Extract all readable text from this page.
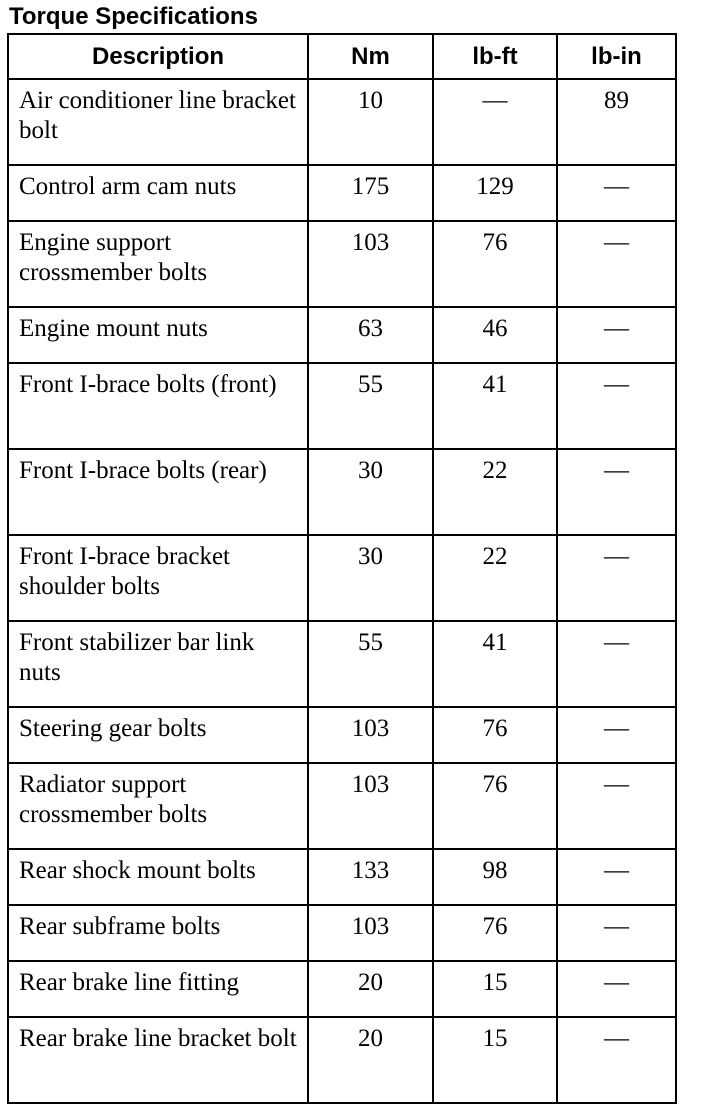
Torque Specifications
Description	Nm	lb-ft	lb-in
Air conditioner line bracket bolt	10	—	89
Control arm cam nuts	175	129	—
Engine support crossmember bolts	103	76	—
Engine mount nuts	63	46	—
Front I-brace bolts (front)	55	41	—
Front I-brace bolts (rear)	30	22	—
Front I-brace bracket shoulder bolts	30	22	—
Front stabilizer bar link nuts	55	41	—
Steering gear bolts	103	76	—
Radiator support crossmember bolts	103	76	—
Rear shock mount bolts	133	98	—
Rear subframe bolts	103	76	—
Rear brake line fitting	20	15	—
Rear brake line bracket bolt	20	15	—
